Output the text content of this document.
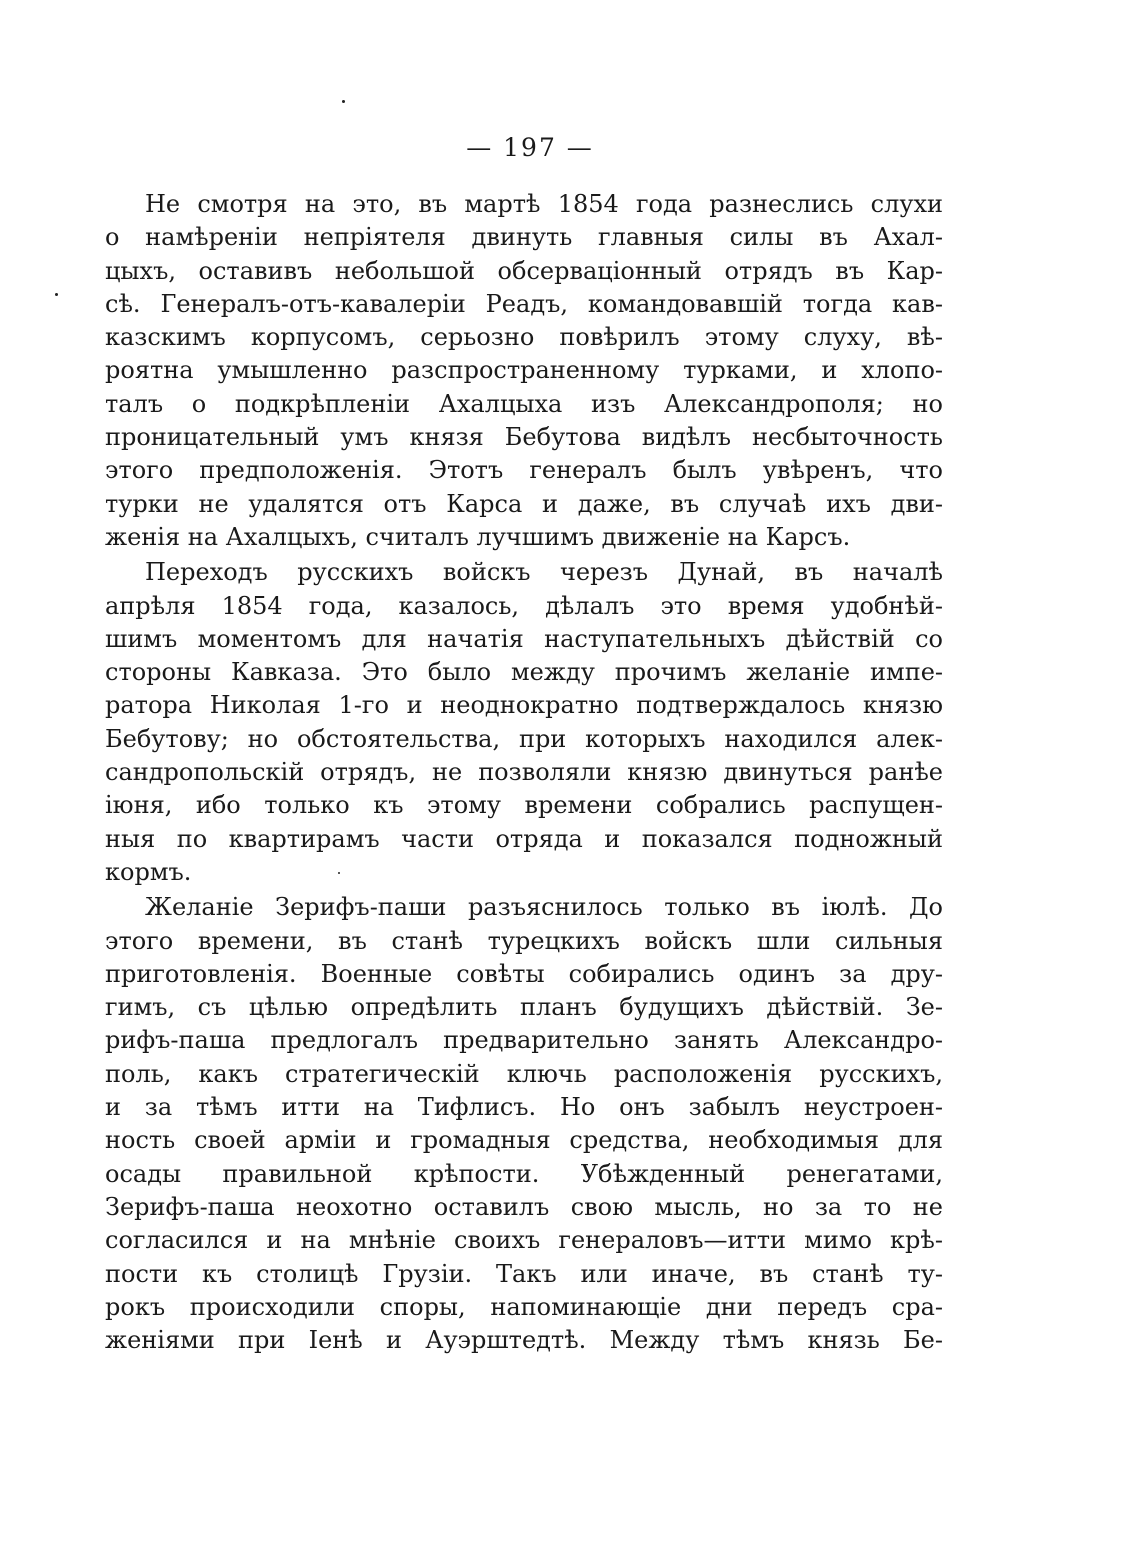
— 197 —
Не смотря на это, въ мартѣ 1854 года разнеслись слухи
о намѣреніи непріятеля двинуть главныя силы въ Ахал-
цыхъ, оставивъ небольшой обсерваціонный отрядъ въ Кар-
сѣ. Генералъ-отъ-кавалеріи Реадъ, командовавшій тогда кав-
казскимъ корпусомъ, серьозно повѣрилъ этому слуху, вѣ-
роятна умышленно разспространенному турками, и хлопо-
талъ о подкрѣпленіи Ахалцыха изъ Александрополя; но
проницательный умъ князя Бебутова видѣлъ несбыточность
этого предположенія. Этотъ генералъ былъ увѣренъ, что
турки не удалятся отъ Карса и даже, въ случаѣ ихъ дви-
женія на Ахалцыхъ, считалъ лучшимъ движеніе на Карсъ.
Переходъ русскихъ войскъ черезъ Дунай, въ началѣ
апрѣля 1854 года, казалось, дѣлалъ это время удобнѣй-
шимъ моментомъ для начатія наступательныхъ дѣйствій со
стороны Кавказа. Это было между прочимъ желаніе импе-
ратора Николая 1-го и неоднократно подтверждалось князю
Бебутову; но обстоятельства, при которыхъ находился алек-
сандропольскій отрядъ, не позволяли князю двинуться ранѣе
іюня, ибо только къ этому времени собрались распущен-
ныя по квартирамъ части отряда и показался подножный
кормъ.
Желаніе Зерифъ-паши разъяснилось только въ іюлѣ. До
этого времени, въ станѣ турецкихъ войскъ шли сильныя
приготовленія. Военные совѣты собирались одинъ за дру-
гимъ, съ цѣлью опредѣлить планъ будущихъ дѣйствій. Зе-
рифъ-паша предлогалъ предварительно занять Александро-
поль, какъ стратегическій ключь расположенія русскихъ,
и за тѣмъ итти на Тифлисъ. Но онъ забылъ неустроен-
ность своей арміи и громадныя средства, необходимыя для
осады правильной крѣпости. Убѣжденный ренегатами,
Зерифъ-паша неохотно оставилъ свою мысль, но за то не
согласился и на мнѣніе своихъ генераловъ—итти мимо крѣ-
пости къ столицѣ Грузіи. Такъ или иначе, въ станѣ ту-
рокъ происходили споры, напоминающіе дни передъ сра-
женіями при Іенѣ и Ауэрштедтѣ. Между тѣмъ князь Бе-
